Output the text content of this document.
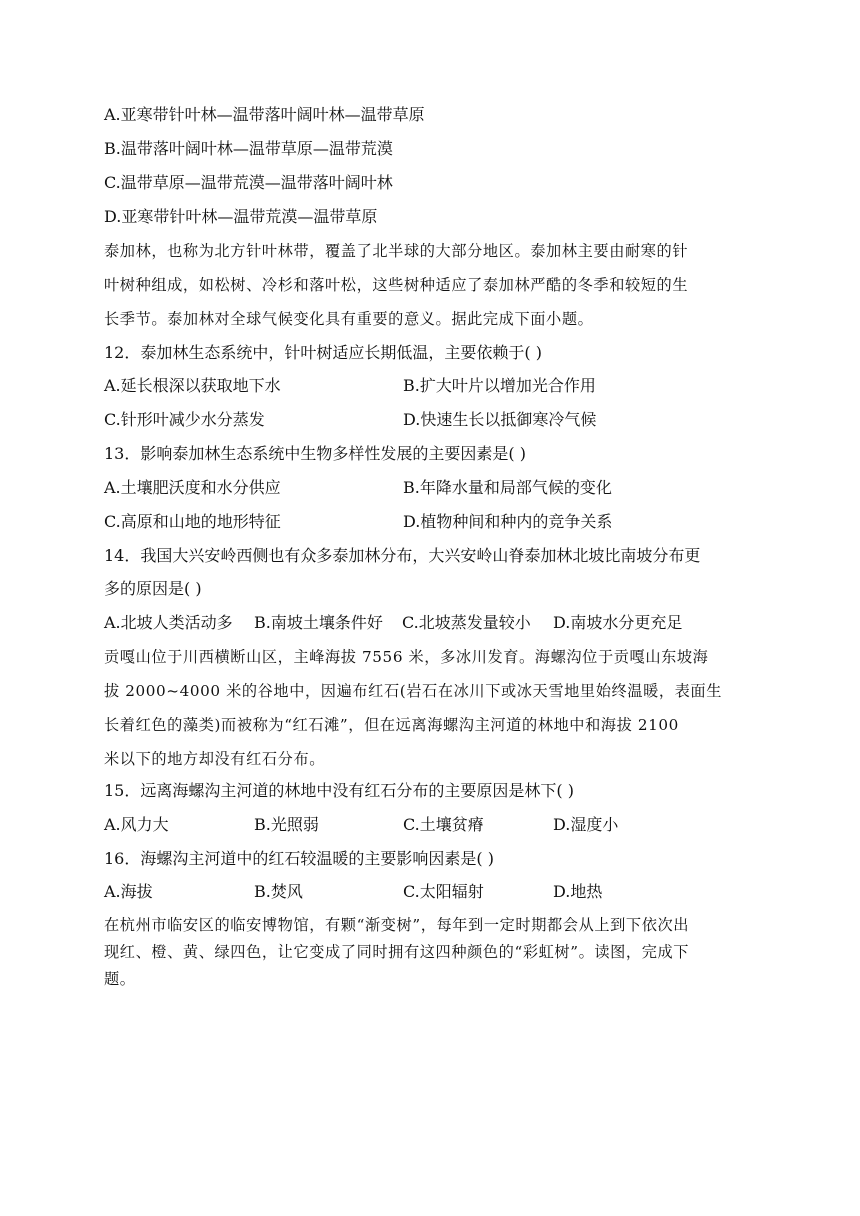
A.亚寒带针叶林—温带落叶阔叶林—温带草原
B.温带落叶阔叶林—温带草原—温带荒漠
C.温带草原—温带荒漠—温带落叶阔叶林
D.亚寒带针叶林—温带荒漠—温带草原
泰加林，也称为北方针叶林带，覆盖了北半球的大部分地区。泰加林主要由耐寒的针
叶树种组成，如松树、冷杉和落叶松，这些树种适应了泰加林严酷的冬季和较短的生
长季节。泰加林对全球气候变化具有重要的意义。据此完成下面小题。
12．泰加林生态系统中，针叶树适应长期低温，主要依赖于( )
A.延长根深以获取地下水	B.扩大叶片以增加光合作用
C.针形叶减少水分蒸发	D.快速生长以抵御寒冷气候
13．影响泰加林生态系统中生物多样性发展的主要因素是( )
A.土壤肥沃度和水分供应	B.年降水量和局部气候的变化
C.高原和山地的地形特征	D.植物种间和种内的竞争关系
14．我国大兴安岭西侧也有众多泰加林分布，大兴安岭山脊泰加林北坡比南坡分布更
多的原因是( )
A.北坡人类活动多 B.南坡土壤条件好 C.北坡蒸发量较小 D.南坡水分更充足
贡嘎山位于川西横断山区，主峰海拔 7556 米，多冰川发育。海螺沟位于贡嘎山东坡海
拔 2000~4000 米的谷地中，因遍布红石(岩石在冰川下或冰天雪地里始终温暖，表面生
长着红色的藻类)而被称为“红石滩”，但在远离海螺沟主河道的林地中和海拔 2100
米以下的地方却没有红石分布。
15．远离海螺沟主河道的林地中没有红石分布的主要原因是林下( )
A.风力大	B.光照弱	C.土壤贫瘠	D.湿度小
16．海螺沟主河道中的红石较温暖的主要影响因素是( )
A.海拔	B.焚风	C.太阳辐射	D.地热
在杭州市临安区的临安博物馆，有颗“渐变树”，每年到一定时期都会从上到下依次出
现红、橙、黄、绿四色，让它变成了同时拥有这四种颜色的“彩虹树”。读图，完成下
题。
